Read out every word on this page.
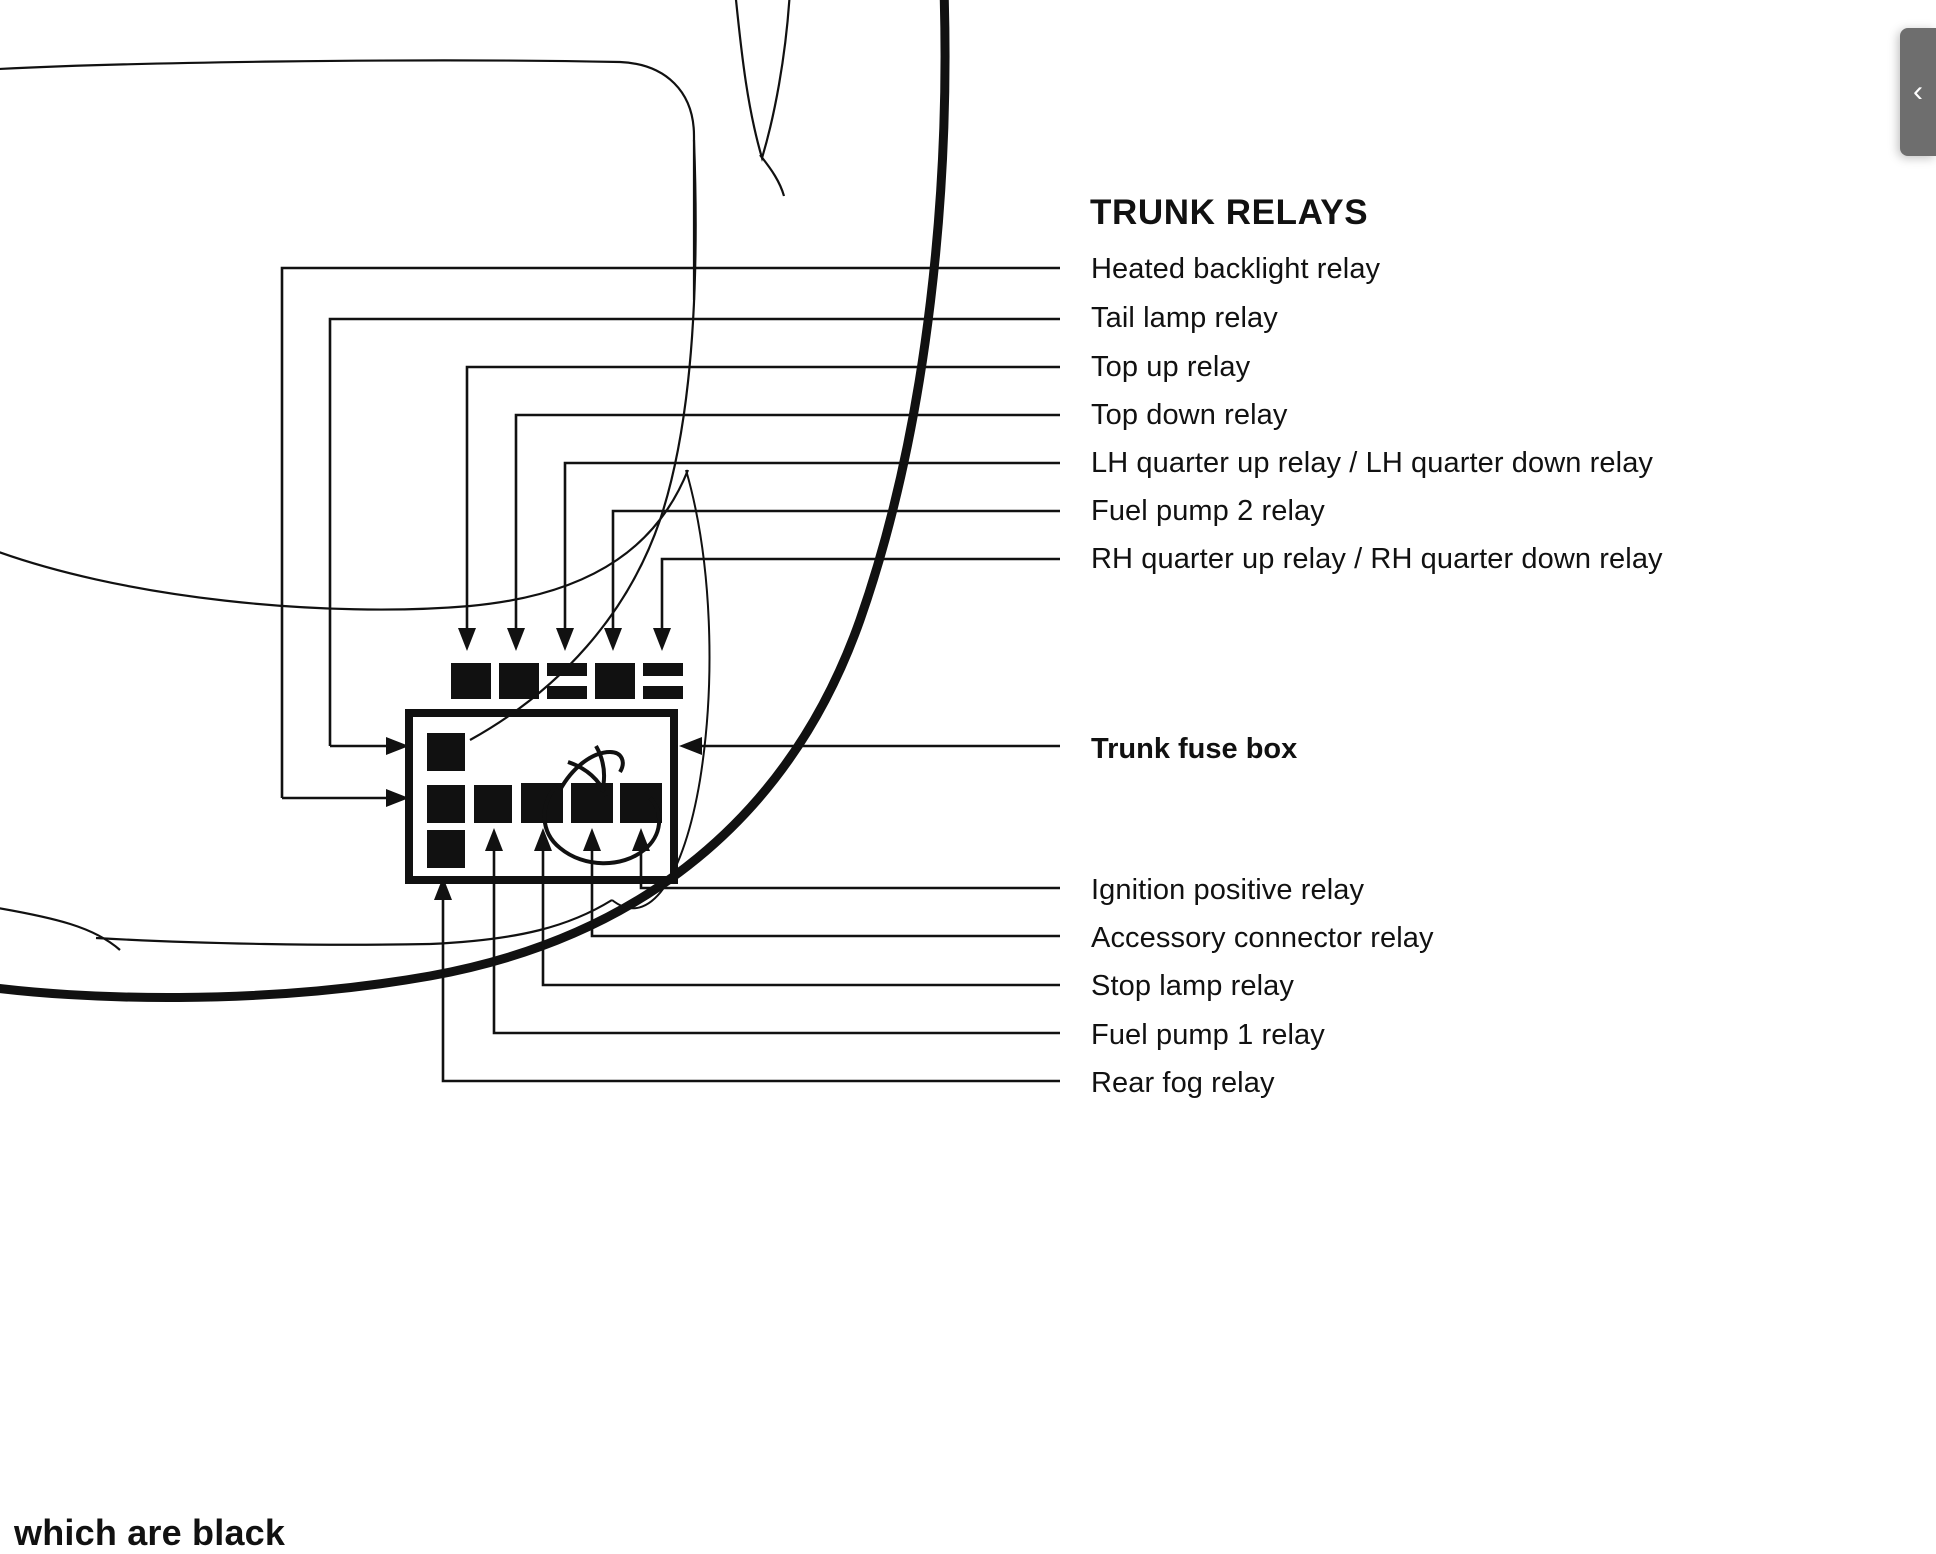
TRUNK RELAYS
Heated backlight relay
Tail lamp relay
Top up relay
Top down relay
LH quarter up relay / LH quarter down relay
Fuel pump 2 relay
RH quarter up relay / RH quarter down relay
Trunk fuse box
Ignition positive relay
Accessory connector relay
Stop lamp relay
Fuel pump 1 relay
Rear fog relay
which are black
‹
